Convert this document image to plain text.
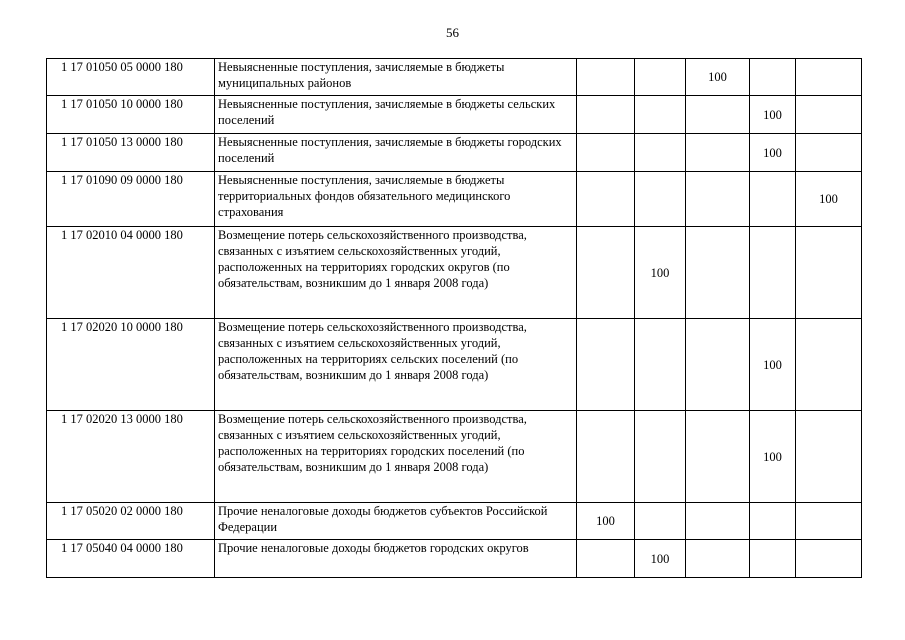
56
1 17 01050 05 0000 180	Невыясненные поступления, зачисляемые в бюджеты муниципальных районов			100		
1 17 01050 10 0000 180	Невыясненные поступления, зачисляемые в бюджеты сельских поселений				100	
1 17 01050 13 0000 180	Невыясненные поступления, зачисляемые в бюджеты городских поселений				100	
1 17 01090 09 0000 180	Невыясненные поступления, зачисляемые в бюджеты территориальных фондов обязательного медицинского страхования					100
1 17 02010 04 0000 180	Возмещение потерь сельскохозяйственного производства, связанных с изъятием сельскохозяйственных угодий, расположенных на территориях городских округов (по обязательствам, возникшим до 1 января 2008 года)		100			
1 17 02020 10 0000 180	Возмещение потерь сельскохозяйственного производства, связанных с изъятием сельскохозяйственных угодий, расположенных на территориях сельских поселений (по обязательствам, возникшим до 1 января 2008 года)				100	
1 17 02020 13 0000 180	Возмещение потерь сельскохозяйственного производства, связанных с изъятием сельскохозяйственных угодий, расположенных на территориях городских поселений (по обязательствам, возникшим до 1 января 2008 года)				100	
1 17 05020 02 0000 180	Прочие неналоговые доходы бюджетов субъектов Российской Федерации	100				
1 17 05040 04 0000 180	Прочие неналоговые доходы бюджетов городских округов		100			
